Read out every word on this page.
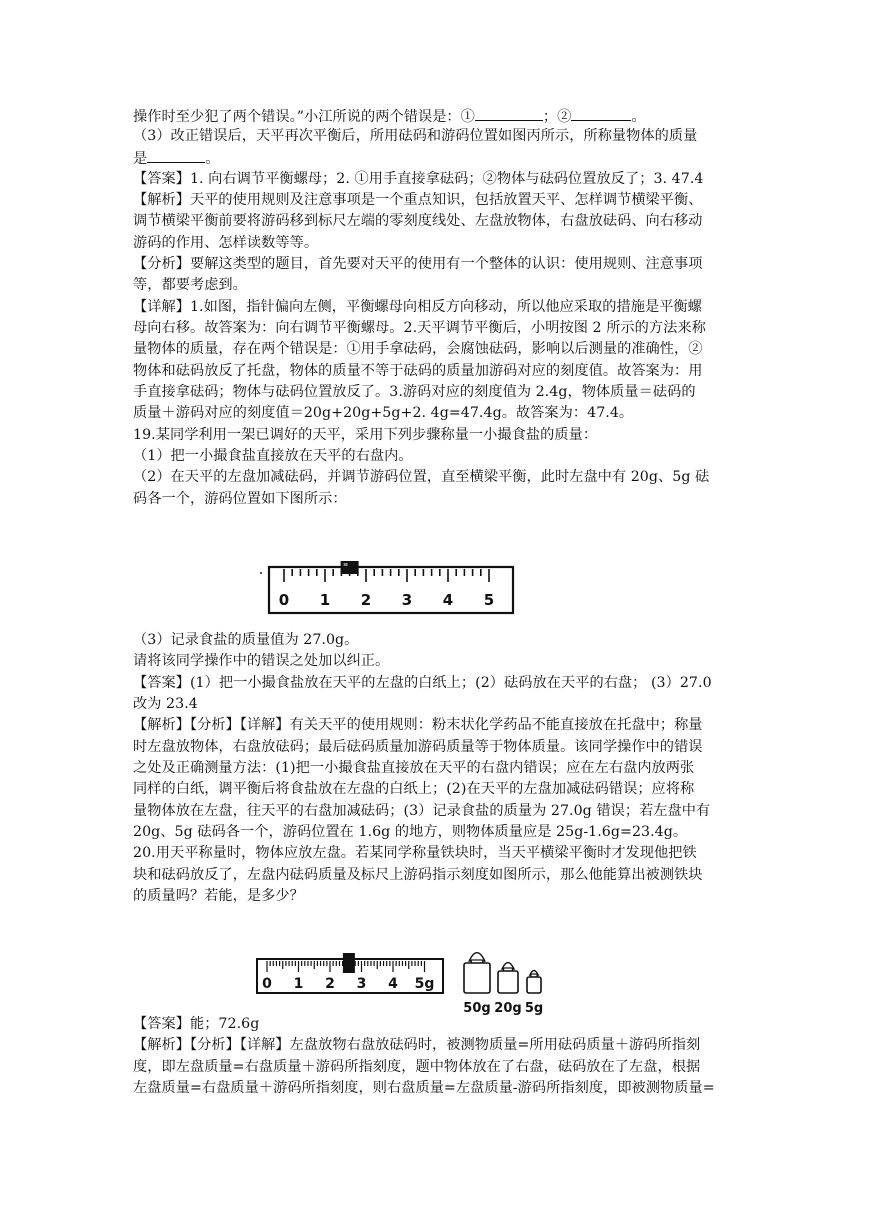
操作时至少犯了两个错误。”小江所说的两个错误是：①	；②	。
（3）改正错误后，天平再次平衡后，所用砝码和游码位置如图丙所示，所称量物体的质量
是	。
【答案】1. 向右调节平衡螺母；2. ①用手直接拿砝码；②物体与砝码位置放反了；3. 47.4
【解析】天平的使用规则及注意事项是一个重点知识，包括放置天平、怎样调节横梁平衡、
调节横梁平衡前要将游码移到标尺左端的零刻度线处、左盘放物体，右盘放砝码、向右移动
游码的作用、怎样读数等等。
【分析】要解这类型的题目，首先要对天平的使用有一个整体的认识：使用规则、注意事项
等，都要考虑到。
【详解】1.如图，指针偏向左侧，平衡螺母向相反方向移动，所以他应采取的措施是平衡螺
母向右移。故答案为：向右调节平衡螺母。2.天平调节平衡后，小明按图 2 所示的方法来称
量物体的质量，存在两个错误是：①用手拿砝码，会腐蚀砝码，影响以后测量的准确性，②
物体和砝码放反了托盘，物体的质量不等于砝码的质量加游码对应的刻度值。故答案为：用
手直接拿砝码；物体与砝码位置放反了。3.游码对应的刻度值为 2.4g，物体质量＝砝码的
质量＋游码对应的刻度值＝20g+20g+5g+2. 4g=47.4g。故答案为：47.4。
19.某同学利用一架已调好的天平，采用下列步骤称量一小撮食盐的质量：
（1）把一小撮食盐直接放在天平的右盘内。
（2）在天平的左盘加减砝码，并调节游码位置，直至横梁平衡，此时左盘中有 20g、5g 砝
码各一个，游码位置如下图所示：
0 1 2 3 4 5
（3）记录食盐的质量值为 27.0g。
请将该同学操作中的错误之处加以纠正。
【答案】(1）把一小撮食盐放在天平的左盘的白纸上；(2）砝码放在天平的右盘； (3）27.0
改为 23.4
【解析】【分析】【详解】有关天平的使用规则：粉末状化学药品不能直接放在托盘中；称量
时左盘放物体，右盘放砝码；最后砝码质量加游码质量等于物体质量。该同学操作中的错误
之处及正确测量方法：(1)把一小撮食盐直接放在天平的右盘内错误；应在左右盘内放两张
同样的白纸，调平衡后将食盐放在左盘的白纸上；(2)在天平的左盘加减砝码错误；应将称
量物体放在左盘，往天平的右盘加减砝码；(3）记录食盐的质量为 27.0g 错误；若左盘中有
20g、5g 砝码各一个，游码位置在 1.6g 的地方，则物体质量应是 25g-1.6g=23.4g。
20.用天平称量时，物体应放左盘。若某同学称量铁块时，当天平横梁平衡时才发现他把铁
块和砝码放反了，左盘内砝码质量及标尺上游码指示刻度如图所示，那么他能算出被测铁块
的质量吗？若能，是多少？
0 1 2 3 4 5g
50g 20g 5g
【答案】能；72.6g
【解析】【分析】【详解】左盘放物右盘放砝码时，被测物质量=所用砝码质量＋游码所指刻
度，即左盘质量=右盘质量＋游码所指刻度，题中物体放在了右盘，砝码放在了左盘，根据
左盘质量=右盘质量＋游码所指刻度，则右盘质量=左盘质量-游码所指刻度，即被测物质量=
